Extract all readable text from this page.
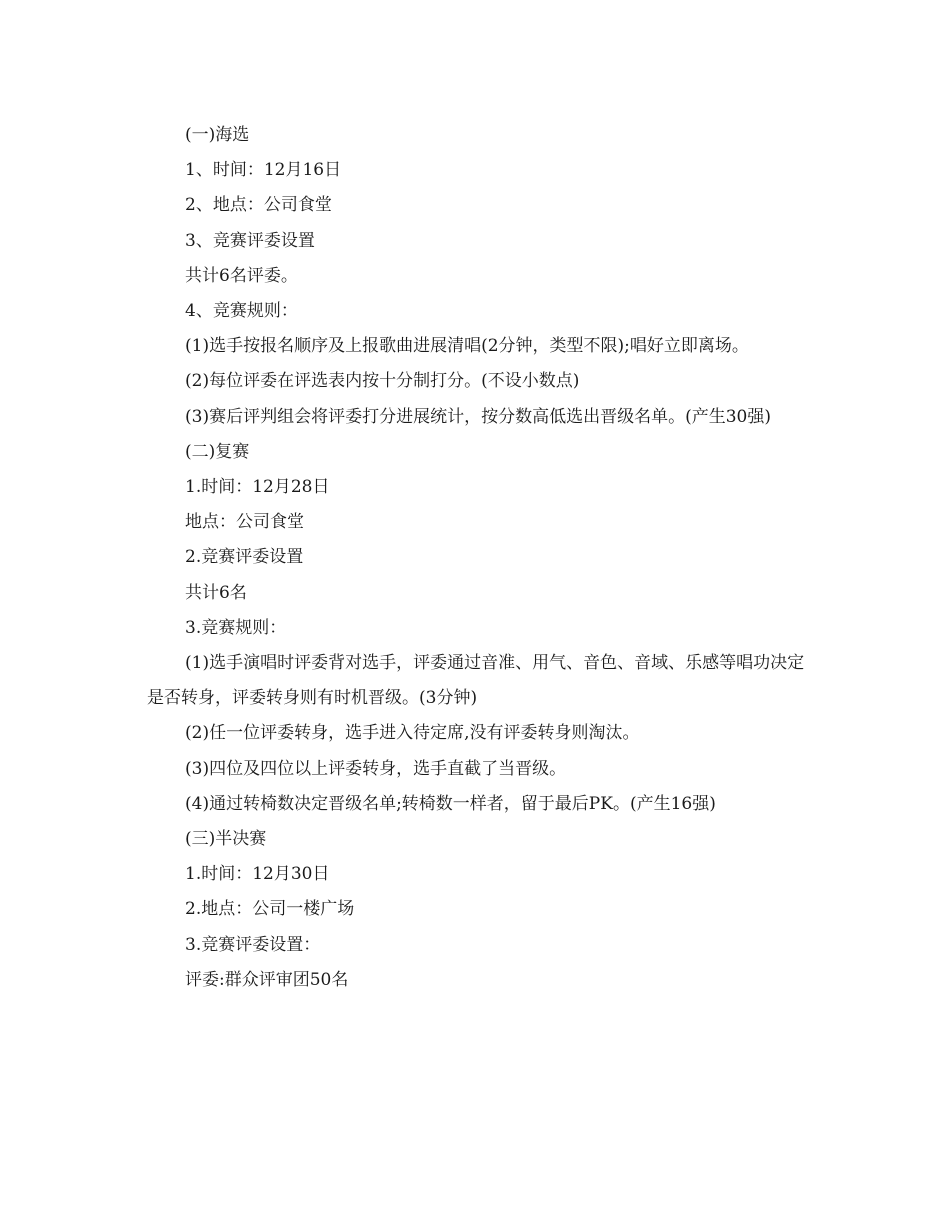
(一)海选

1、时间：12月16日

2、地点：公司食堂

3、竞赛评委设置

共计6名评委。

4、竞赛规则：

(1)选手按报名顺序及上报歌曲进展清唱(2分钟，类型不限);唱好立即离场。

(2)每位评委在评选表内按十分制打分。(不设小数点)

(3)赛后评判组会将评委打分进展统计，按分数高低选出晋级名单。(产生30强)

(二)复赛

1.时间：12月28日

地点：公司食堂

2.竞赛评委设置

共计6名

3.竞赛规则：

(1)选手演唱时评委背对选手，评委通过音准、用气、音色、音域、乐感等唱功决定是否转身，评委转身则有时机晋级。(3分钟)

(2)任一位评委转身，选手进入待定席,没有评委转身则淘汰。

(3)四位及四位以上评委转身，选手直截了当晋级。

(4)通过转椅数决定晋级名单;转椅数一样者，留于最后PK。(产生16强)

(三)半决赛

1.时间：12月30日

2.地点：公司一楼广场

3.竞赛评委设置：

评委:群众评审团50名
